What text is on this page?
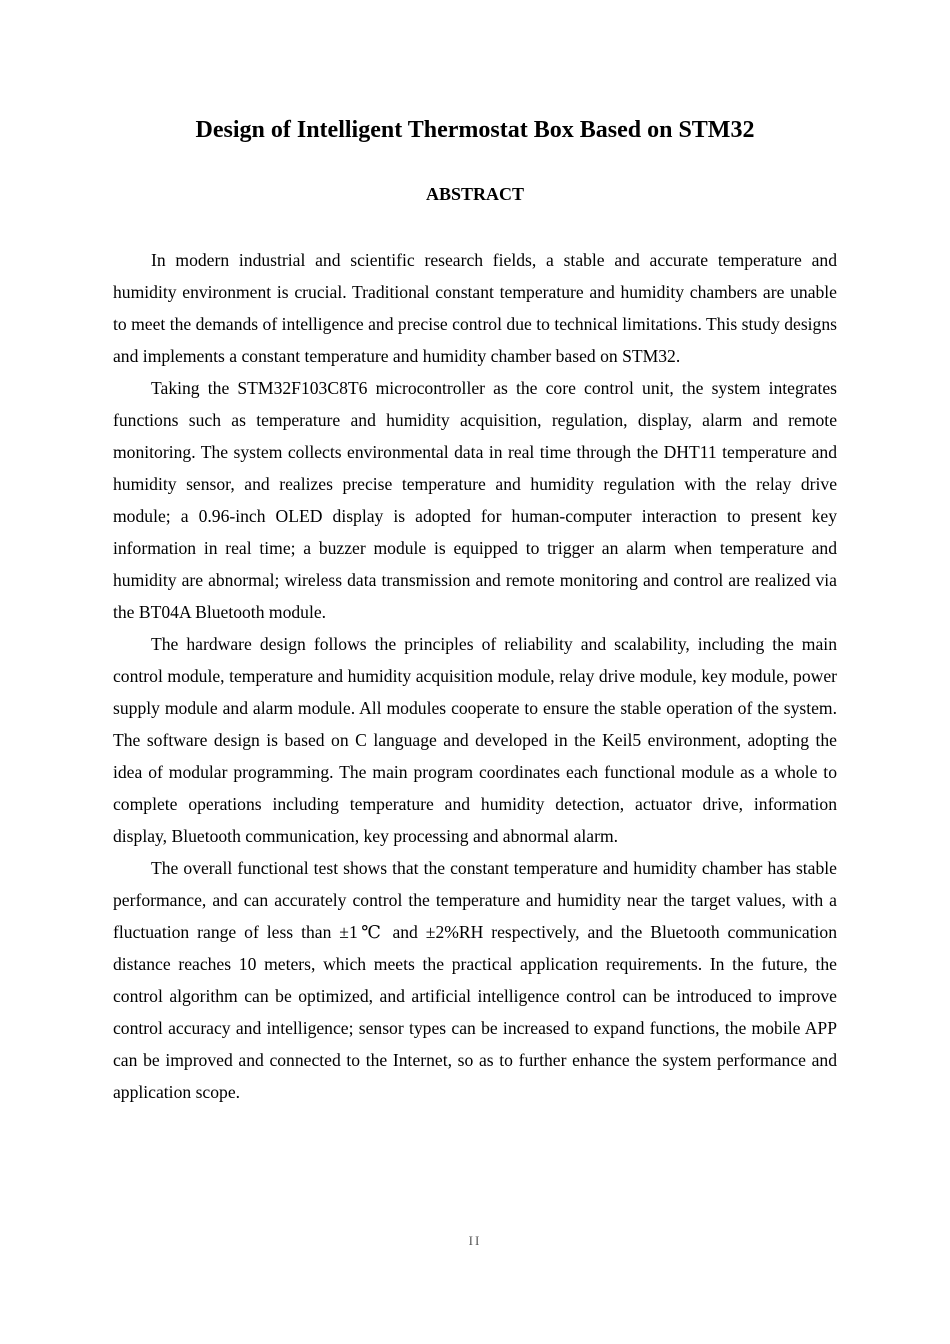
Design of Intelligent Thermostat Box Based on STM32
ABSTRACT

In modern industrial and scientific research fields, a stable and accurate temperature and humidity environment is crucial. Traditional constant temperature and humidity chambers are unable to meet the demands of intelligence and precise control due to technical limitations. This study designs and implements a constant temperature and humidity chamber based on STM32.

Taking the STM32F103C8T6 microcontroller as the core control unit, the system integrates functions such as temperature and humidity acquisition, regulation, display, alarm and remote monitoring. The system collects environmental data in real time through the DHT11 temperature and humidity sensor, and realizes precise temperature and humidity regulation with the relay drive module; a 0.96-inch OLED display is adopted for human-computer interaction to present key information in real time; a buzzer module is equipped to trigger an alarm when temperature and humidity are abnormal; wireless data transmission and remote monitoring and control are realized via the BT04A Bluetooth module.

The hardware design follows the principles of reliability and scalability, including the main control module, temperature and humidity acquisition module, relay drive module, key module, power supply module and alarm module. All modules cooperate to ensure the stable operation of the system. The software design is based on C language and developed in the Keil5 environment, adopting the idea of modular programming. The main program coordinates each functional module as a whole to complete operations including temperature and humidity detection, actuator drive, information display, Bluetooth communication, key processing and abnormal alarm.

The overall functional test shows that the constant temperature and humidity chamber has stable performance, and can accurately control the temperature and humidity near the target values, with a fluctuation range of less than ±1℃ and ±2%RH respectively, and the Bluetooth communication distance reaches 10 meters, which meets the practical application requirements. In the future, the control algorithm can be optimized, and artificial intelligence control can be introduced to improve control accuracy and intelligence; sensor types can be increased to expand functions, the mobile APP can be improved and connected to the Internet, so as to further enhance the system performance and application scope.

II
